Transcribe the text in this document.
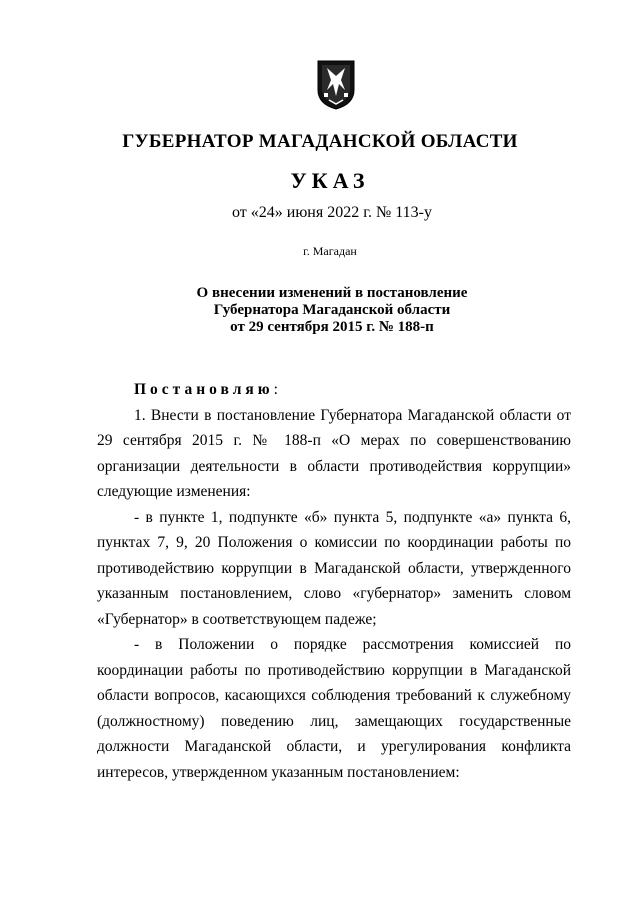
ГУБЕРНАТОР МАГАДАНСКОЙ ОБЛАСТИ
УКАЗ
от «24» июня 2022 г. № 113-у
г. Магадан
О внесении изменений в постановление
Губернатора Магаданской области
от 29 сентября 2015 г. № 188-п

Постановляю:

1. Внести в постановление Губернатора Магаданской области от 29 сентября 2015 г. № 188-п «О мерах по совершенствованию организации деятельности в области противодействия коррупции» следующие изменения:

- в пункте 1, подпункте «б» пункта 5, подпункте «а» пункта 6, пунктах 7, 9, 20 Положения о комиссии по координации работы по противодействию коррупции в Магаданской области, утвержденного указанным постановлением, слово «губернатор» заменить словом «Губернатор» в соответствующем падеже;

- в Положении о порядке рассмотрения комиссией по координации работы по противодействию коррупции в Магаданской области вопросов, касающихся соблюдения требований к служебному (должностному) поведению лиц, замещающих государственные должности Магаданской области, и урегулирования конфликта интересов, утвержденном указанным постановлением:
